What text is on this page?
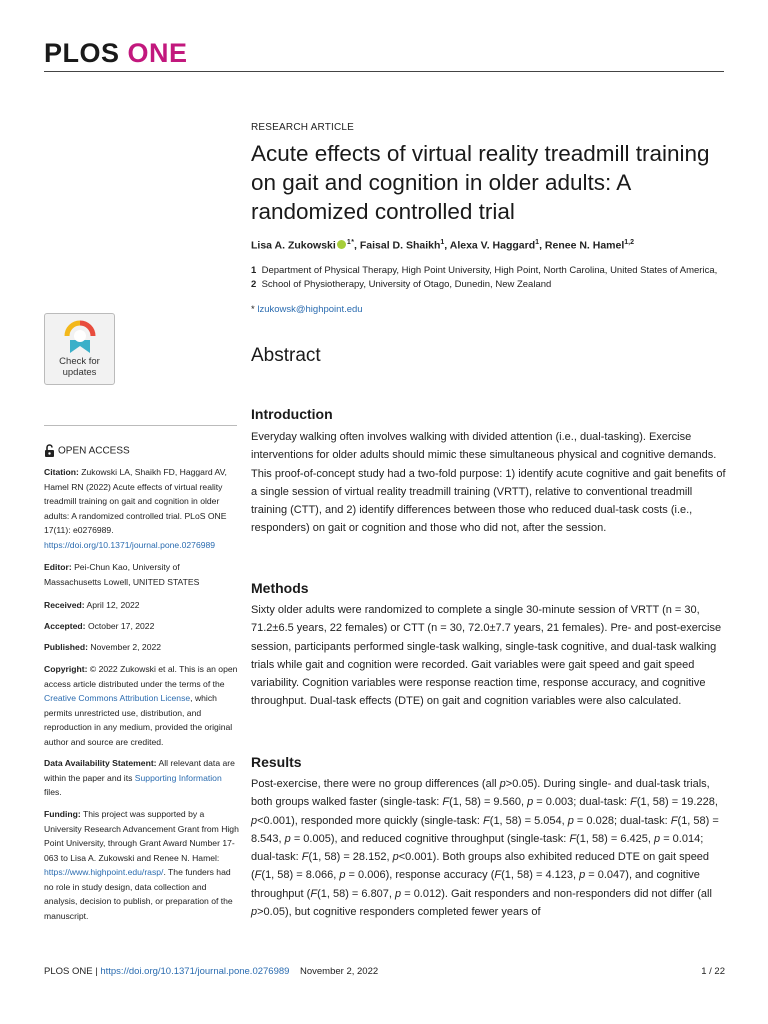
PLOS ONE
Check for
updates
OPEN ACCESS
Citation: Zukowski LA, Shaikh FD, Haggard AV, Hamel RN (2022) Acute effects of virtual reality treadmill training on gait and cognition in older adults: A randomized controlled trial. PLoS ONE 17(11): e0276989. https://doi.org/10.1371/journal.pone.0276989
Editor: Pei-Chun Kao, University of Massachusetts Lowell, UNITED STATES
Received: April 12, 2022
Accepted: October 17, 2022
Published: November 2, 2022
Copyright: © 2022 Zukowski et al. This is an open access article distributed under the terms of the Creative Commons Attribution License, which permits unrestricted use, distribution, and reproduction in any medium, provided the original author and source are credited.
Data Availability Statement: All relevant data are within the paper and its Supporting Information files.
Funding: This project was supported by a University Research Advancement Grant from High Point University, through Grant Award Number 17-063 to Lisa A. Zukowski and Renee N. Hamel: https://www.highpoint.edu/rasp/. The funders had no role in study design, data collection and analysis, decision to publish, or preparation of the manuscript.
RESEARCH ARTICLE
Acute effects of virtual reality treadmill training on gait and cognition in older adults: A randomized controlled trial
Lisa A. Zukowski $^{1 *}$, Faisal D. Shaikh$^1$, Alexa V. Haggard$^1$, Renee N. Hamel$^{1,2}$
1 Department of Physical Therapy, High Point University, High Point, North Carolina, United States of America, 2 School of Physiotherapy, University of Otago, Dunedin, New Zealand
* lzukowsk@highpoint.edu
Abstract
Introduction
Everyday walking often involves walking with divided attention (i.e., dual-tasking). Exercise interventions for older adults should mimic these simultaneous physical and cognitive demands. This proof-of-concept study had a two-fold purpose: 1) identify acute cognitive and gait benefits of a single session of virtual reality treadmill training (VRTT), relative to conventional treadmill training (CTT), and 2) identify differences between those who reduced dual-task costs (i.e., responders) on gait or cognition and those who did not, after the session.
Methods
Sixty older adults were randomized to complete a single 30-minute session of VRTT (n = 30, 71.2±6.5 years, 22 females) or CTT (n = 30, 72.0±7.7 years, 21 females). Pre- and post-exercise session, participants performed single-task walking, single-task cognitive, and dual-task walking trials while gait and cognition were recorded. Gait variables were gait speed and gait speed variability. Cognition variables were response reaction time, response accuracy, and cognitive throughput. Dual-task effects (DTE) on gait and cognition variables were also calculated.
Results
Post-exercise, there were no group differences (all p>0.05). During single- and dual-task trials, both groups walked faster (single-task: F(1, 58) = 9.560, p = 0.003; dual-task: F(1, 58) = 19.228, p<0.001), responded more quickly (single-task: F(1, 58) = 5.054, p = 0.028; dual-task: F(1, 58) = 8.543, p = 0.005), and reduced cognitive throughput (single-task: F(1, 58) = 6.425, p = 0.014; dual-task: F(1, 58) = 28.152, p<0.001). Both groups also exhibited reduced DTE on gait speed (F(1, 58) = 8.066, p = 0.006), response accuracy (F(1, 58) = 4.123, p = 0.047), and cognitive throughput (F(1, 58) = 6.807, p = 0.012). Gait responders and non-responders did not differ (all p>0.05), but cognitive responders completed fewer years of
PLOS ONE | https://doi.org/10.1371/journal.pone.0276989 November 2, 2022	1 / 22
